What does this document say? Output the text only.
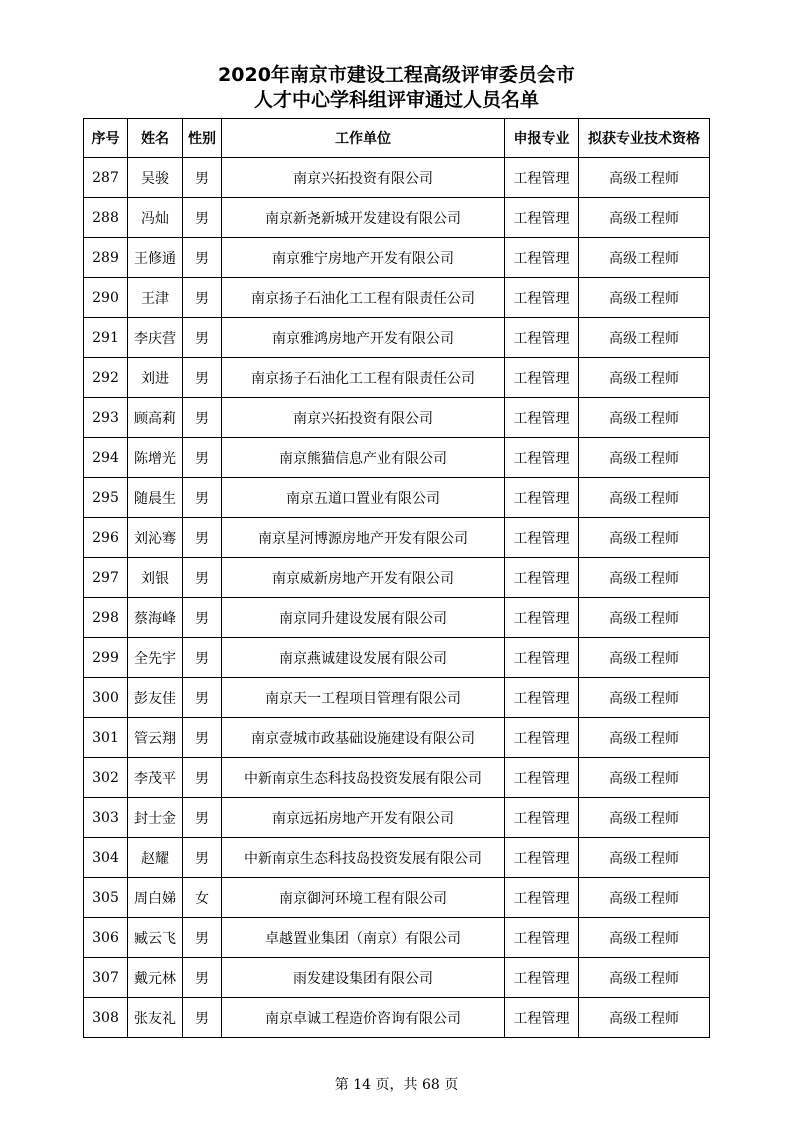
2020年南京市建设工程高级评审委员会市
人才中心学科组评审通过人员名单
序号	姓名	性别	工作单位	申报专业	拟获专业技术资格
287	吴骏	男	南京兴拓投资有限公司	工程管理	高级工程师
288	冯灿	男	南京新尧新城开发建设有限公司	工程管理	高级工程师
289	王修通	男	南京雅宁房地产开发有限公司	工程管理	高级工程师
290	王津	男	南京扬子石油化工工程有限责任公司	工程管理	高级工程师
291	李庆营	男	南京雅鸿房地产开发有限公司	工程管理	高级工程师
292	刘进	男	南京扬子石油化工工程有限责任公司	工程管理	高级工程师
293	顾高莉	男	南京兴拓投资有限公司	工程管理	高级工程师
294	陈增光	男	南京熊猫信息产业有限公司	工程管理	高级工程师
295	随晨生	男	南京五道口置业有限公司	工程管理	高级工程师
296	刘沁骞	男	南京星河博源房地产开发有限公司	工程管理	高级工程师
297	刘银	男	南京威新房地产开发有限公司	工程管理	高级工程师
298	蔡海峰	男	南京同升建设发展有限公司	工程管理	高级工程师
299	全先宇	男	南京燕诚建设发展有限公司	工程管理	高级工程师
300	彭友佳	男	南京天一工程项目管理有限公司	工程管理	高级工程师
301	管云翔	男	南京壹城市政基础设施建设有限公司	工程管理	高级工程师
302	李茂平	男	中新南京生态科技岛投资发展有限公司	工程管理	高级工程师
303	封士金	男	南京远拓房地产开发有限公司	工程管理	高级工程师
304	赵耀	男	中新南京生态科技岛投资发展有限公司	工程管理	高级工程师
305	周白娣	女	南京御河环境工程有限公司	工程管理	高级工程师
306	臧云飞	男	卓越置业集团（南京）有限公司	工程管理	高级工程师
307	戴元林	男	雨发建设集团有限公司	工程管理	高级工程师
308	张友礼	男	南京卓诚工程造价咨询有限公司	工程管理	高级工程师
第 14 页，共 68 页
